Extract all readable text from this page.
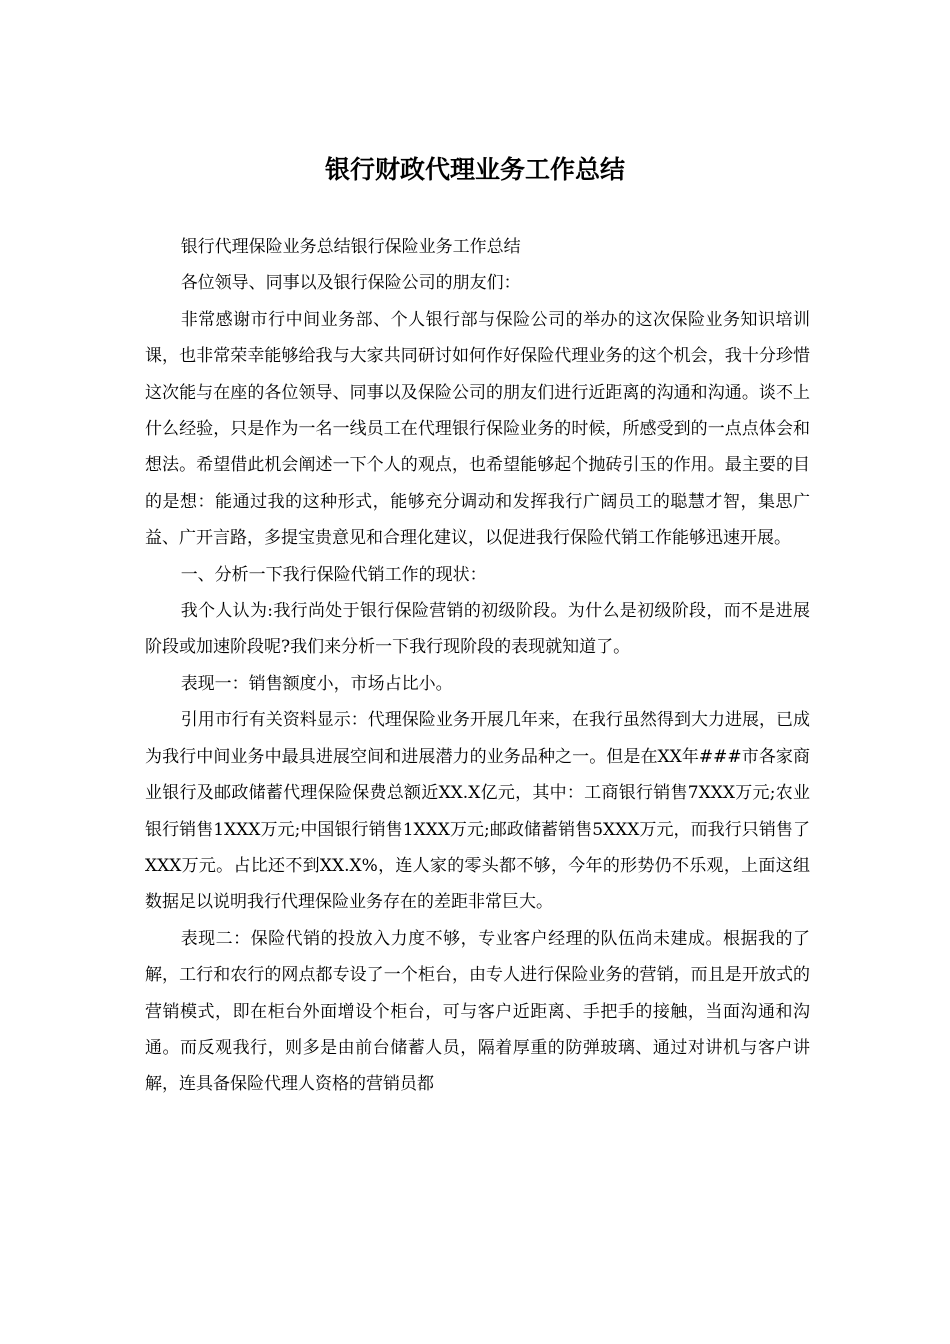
银行财政代理业务工作总结

银行代理保险业务总结银行保险业务工作总结

各位领导、同事以及银行保险公司的朋友们：

非常感谢市行中间业务部、个人银行部与保险公司的举办的这次保险业务知识培训课，也非常荣幸能够给我与大家共同研讨如何作好保险代理业务的这个机会，我十分珍惜这次能与在座的各位领导、同事以及保险公司的朋友们进行近距离的沟通和沟通。谈不上什么经验，只是作为一名一线员工在代理银行保险业务的时候，所感受到的一点点体会和想法。希望借此机会阐述一下个人的观点，也希望能够起个抛砖引玉的作用。最主要的目的是想：能通过我的这种形式，能够充分调动和发挥我行广阔员工的聪慧才智，集思广益、广开言路，多提宝贵意见和合理化建议，以促进我行保险代销工作能够迅速开展。

一、分析一下我行保险代销工作的现状：

我个人认为:我行尚处于银行保险营销的初级阶段。为什么是初级阶段，而不是进展阶段或加速阶段呢?我们来分析一下我行现阶段的表现就知道了。

表现一：销售额度小，市场占比小。

引用市行有关资料显示：代理保险业务开展几年来，在我行虽然得到大力进展，已成为我行中间业务中最具进展空间和进展潜力的业务品种之一。但是在XX年###市各家商业银行及邮政储蓄代理保险保费总额近XX.X亿元，其中：工商银行销售7XXX万元;农业银行销售1XXX万元;中国银行销售1XXX万元;邮政储蓄销售5XXX万元，而我行只销售了XXX万元。占比还不到XX.X%，连人家的零头都不够，今年的形势仍不乐观，上面这组数据足以说明我行代理保险业务存在的差距非常巨大。

表现二：保险代销的投放入力度不够，专业客户经理的队伍尚未建成。根据我的了解，工行和农行的网点都专设了一个柜台，由专人进行保险业务的营销，而且是开放式的营销模式，即在柜台外面增设个柜台，可与客户近距离、手把手的接触，当面沟通和沟通。而反观我行，则多是由前台储蓄人员，隔着厚重的防弹玻璃、通过对讲机与客户讲解，连具备保险代理人资格的营销员都
